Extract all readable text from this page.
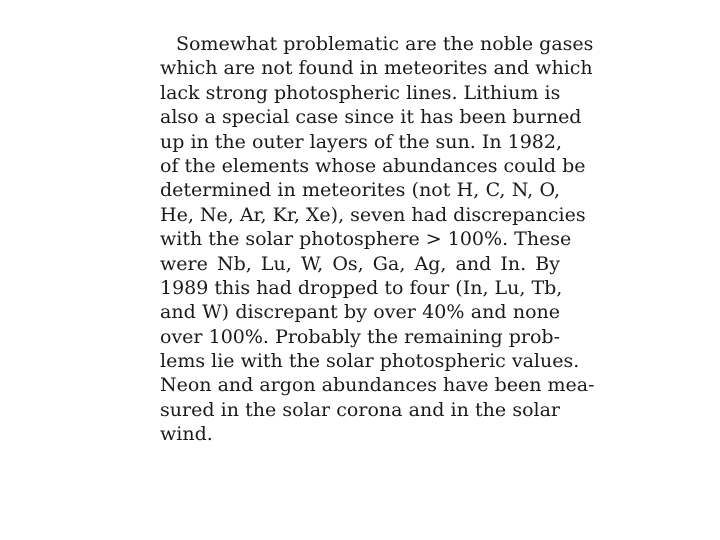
Somewhat problematic are the noble gases
which are not found in meteorites and which
lack strong photospheric lines. Lithium is
also a special case since it has been burned
up in the outer layers of the sun. In 1982,
of the elements whose abundances could be
determined in meteorites (not H, C, N, O,
He, Ne, Ar, Kr, Xe), seven had discrepancies
with the solar photosphere > 100%. These
were Nb, Lu, W, Os, Ga, Ag, and In. By
1989 this had dropped to four (In, Lu, Tb,
and W) discrepant by over 40% and none
over 100%. Probably the remaining prob-
lems lie with the solar photospheric values.
Neon and argon abundances have been mea-
sured in the solar corona and in the solar
wind.
